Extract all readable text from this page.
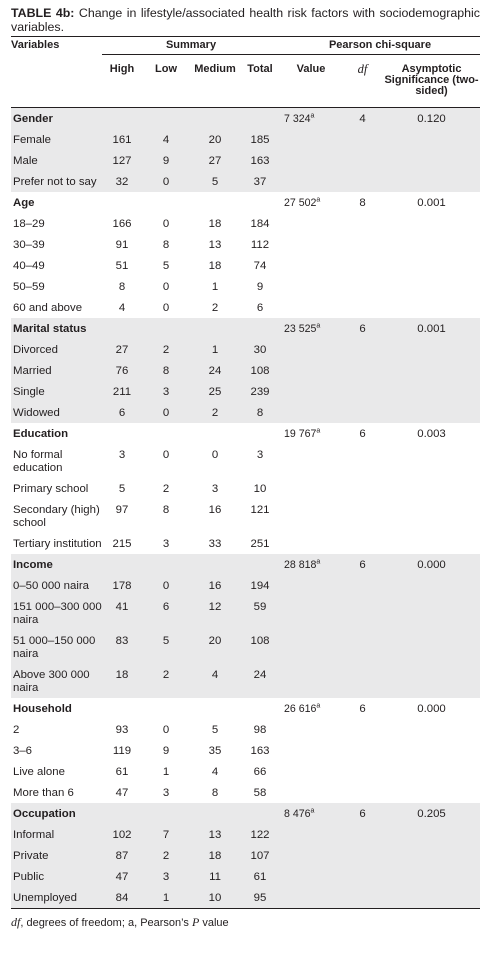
TABLE 4b: Change in lifestyle/associated health risk factors with sociodemographic variables.

Variables	Summary				Pearson chi-square		
	High	Low	Medium	Total	Value	df	Asymptotic Significance (two-sided)
Gender					7 324$^a$	4	0.120
Female	161	4	20	185			
Male	127	9	27	163			
Prefer not to say	32	0	5	37			
Age					27 502$^a$	8	0.001
18–29	166	0	18	184			
30–39	91	8	13	112			
40–49	51	5	18	74			
50–59	8	0	1	9			
60 and above	4	0	2	6			
Marital status					23 525$^a$	6	0.001
Divorced	27	2	1	30			
Married	76	8	24	108			
Single	211	3	25	239			
Widowed	6	0	2	8			
Education					19 767$^a$	6	0.003
No formal education	3	0	0	3			
Primary school	5	2	3	10			
Secondary (high) school	97	8	16	121			
Tertiary institution	215	3	33	251			
Income					28 818$^a$	6	0.000
0–50 000 naira	178	0	16	194			
151 000–300 000 naira	41	6	12	59			
51 000–150 000 naira	83	5	20	108			
Above 300 000 naira	18	2	4	24			
Household					26 616$^a$	6	0.000
2	93	0	5	98			
3–6	119	9	35	163			
Live alone	61	1	4	66			
More than 6	47	3	8	58			
Occupation					8 476$^a$	6	0.205
Informal	102	7	13	122			
Private	87	2	18	107			
Public	47	3	11	61			
Unemployed	84	1	10	95			
df, degrees of freedom; a, Pearson’s P value
